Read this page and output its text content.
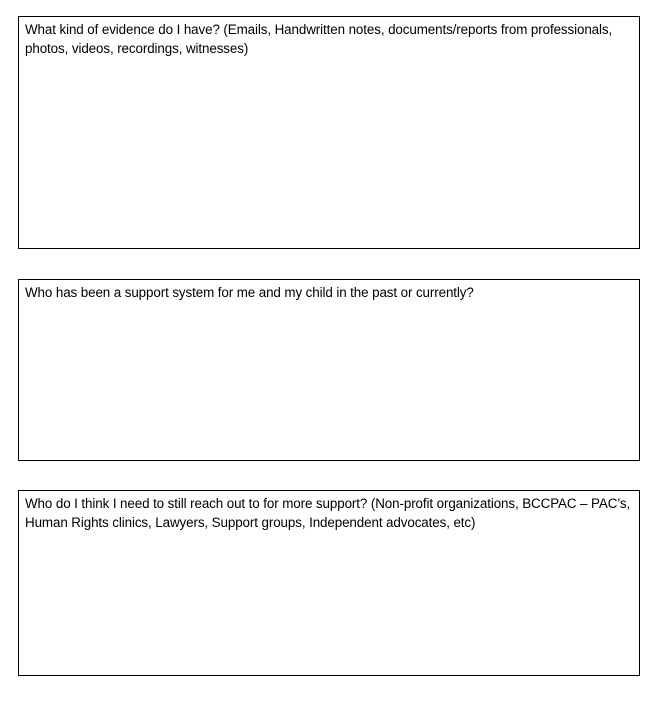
What kind of evidence do I have? (Emails, Handwritten notes, documents/reports from professionals, photos, videos, recordings, witnesses)

Who has been a support system for me and my child in the past or currently?

Who do I think I need to still reach out to for more support? (Non-profit organizations, BCCPAC – PAC’s, Human Rights clinics, Lawyers, Support groups, Independent advocates, etc)
